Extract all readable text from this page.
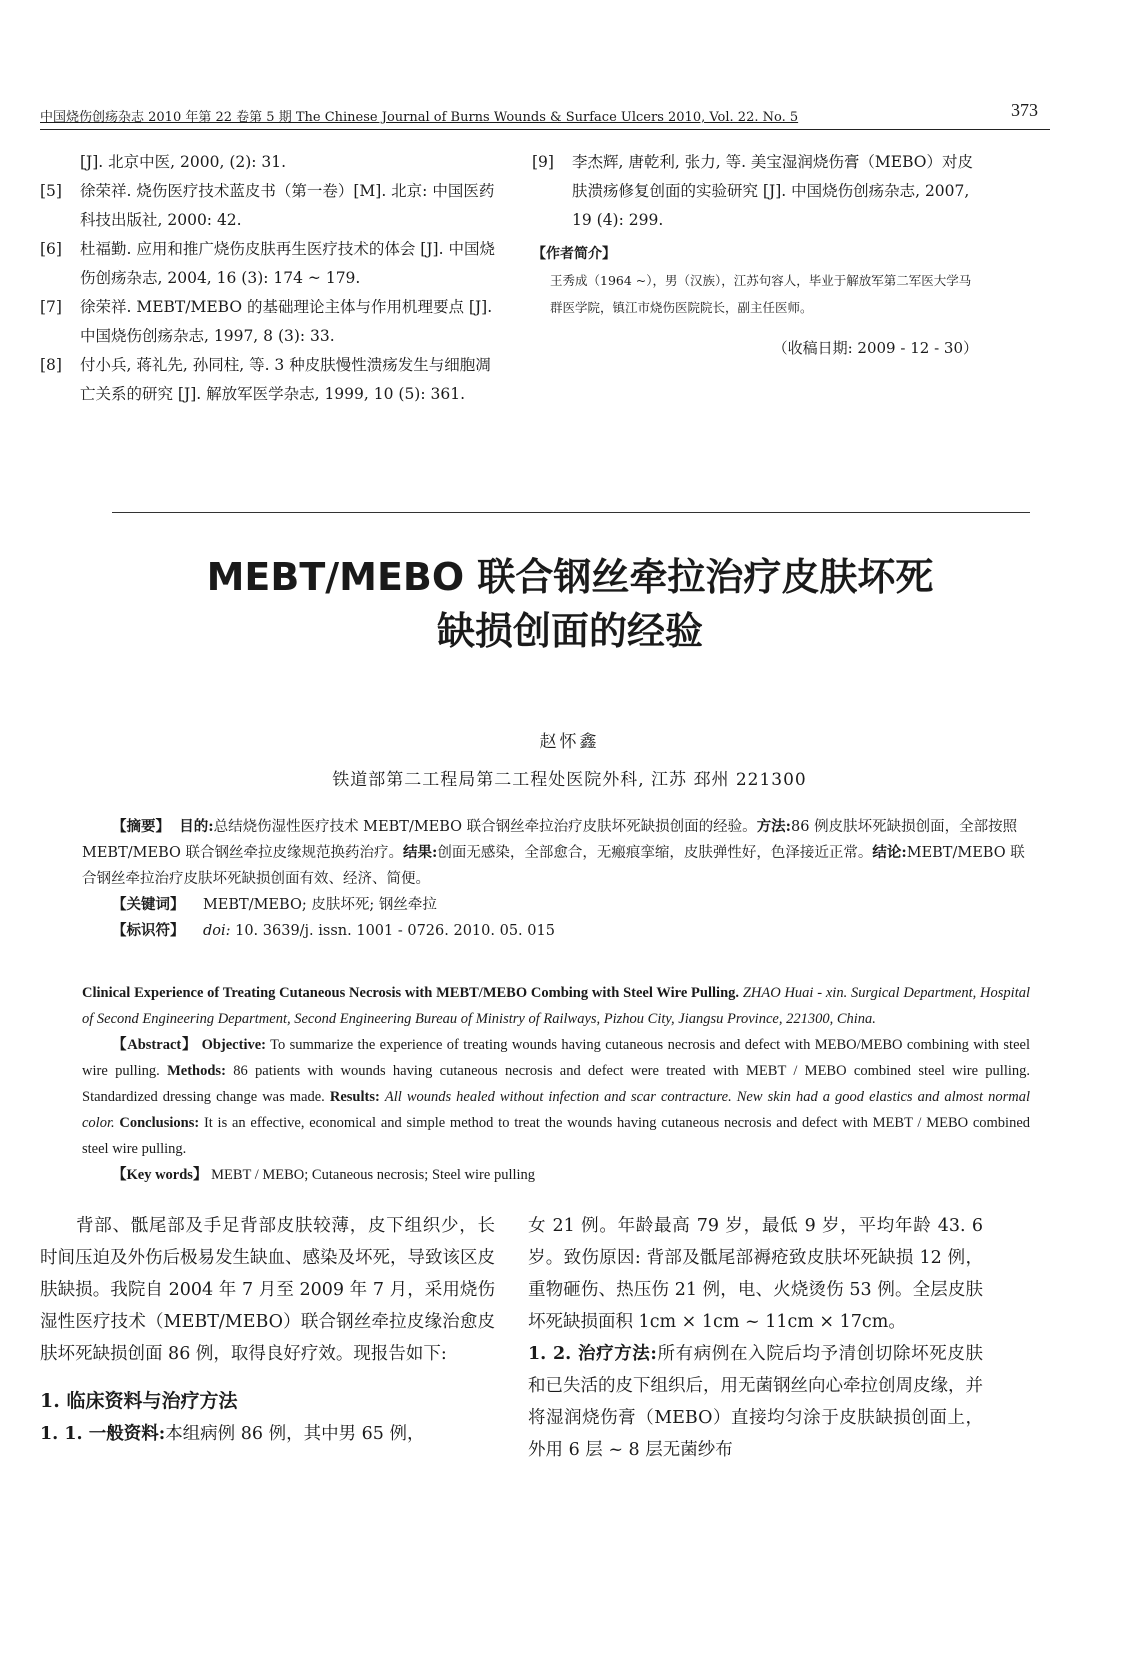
中国烧伤创疡杂志 2010 年第 22 卷第 5 期 The Chinese Journal of Burns Wounds & Surface Ulcers 2010, Vol. 22. No. 5	373
[J]. 北京中医, 2000, (2): 31.
[5] 徐荣祥. 烧伤医疗技术蓝皮书（第一卷）[M]. 北京: 中国医药科技出版社, 2000: 42.
[6] 杜福勤. 应用和推广烧伤皮肤再生医疗技术的体会 [J]. 中国烧伤创疡杂志, 2004, 16 (3): 174 ~ 179.
[7] 徐荣祥. MEBT/MEBO 的基础理论主体与作用机理要点 [J]. 中国烧伤创疡杂志, 1997, 8 (3): 33.
[8] 付小兵, 蒋礼先, 孙同柱, 等. 3 种皮肤慢性溃疡发生与细胞凋亡关系的研究 [J]. 解放军医学杂志, 1999, 10 (5): 361.
[9] 李杰辉, 唐乾利, 张力, 等. 美宝湿润烧伤膏（MEBO）对皮肤溃疡修复创面的实验研究 [J]. 中国烧伤创疡杂志, 2007, 19 (4): 299.
【作者简介】
王秀成（1964 ~），男（汉族），江苏句容人，毕业于解放军第二军医大学马群医学院，镇江市烧伤医院院长，副主任医师。
（收稿日期: 2009 - 12 - 30）
MEBT/MEBO 联合钢丝牵拉治疗皮肤坏死
缺损创面的经验
赵怀鑫
铁道部第二工程局第二工程处医院外科, 江苏 邳州 221300

【摘要】 目的:总结烧伤湿性医疗技术 MEBT/MEBO 联合钢丝牵拉治疗皮肤坏死缺损创面的经验。方法:86 例皮肤坏死缺损创面，全部按照 MEBT/MEBO 联合钢丝牵拉皮缘规范换药治疗。结果:创面无感染，全部愈合，无瘢痕挛缩，皮肤弹性好，色泽接近正常。结论:MEBT/MEBO 联合钢丝牵拉治疗皮肤坏死缺损创面有效、经济、简便。

【关键词】 MEBT/MEBO; 皮肤坏死; 钢丝牵拉

【标识符】 doi: 10. 3639/j. issn. 1001 - 0726. 2010. 05. 015

Clinical Experience of Treating Cutaneous Necrosis with MEBT/MEBO Combing with Steel Wire Pulling. ZHAO Huai - xin. Surgical Department, Hospital of Second Engineering Department, Second Engineering Bureau of Ministry of Railways, Pizhou City, Jiangsu Province, 221300, China.

【Abstract】 Objective: To summarize the experience of treating wounds having cutaneous necrosis and defect with MEBO/MEBO combining with steel wire pulling. Methods: 86 patients with wounds having cutaneous necrosis and defect were treated with MEBT / MEBO combined steel wire pulling. Standardized dressing change was made. Results: All wounds healed without infection and scar contracture. New skin had a good elastics and almost normal color. Conclusions: It is an effective, economical and simple method to treat the wounds having cutaneous necrosis and defect with MEBT / MEBO combined steel wire pulling.

【Key words】 MEBT / MEBO; Cutaneous necrosis; Steel wire pulling

背部、骶尾部及手足背部皮肤较薄，皮下组织少，长时间压迫及外伤后极易发生缺血、感染及坏死，导致该区皮肤缺损。我院自 2004 年 7 月至 2009 年 7 月，采用烧伤湿性医疗技术（MEBT/MEBO）联合钢丝牵拉皮缘治愈皮肤坏死缺损创面 86 例，取得良好疗效。现报告如下:

1. 临床资料与治疗方法

1. 1. 一般资料:本组病例 86 例，其中男 65 例，

女 21 例。年龄最高 79 岁，最低 9 岁，平均年龄 43. 6 岁。致伤原因: 背部及骶尾部褥疮致皮肤坏死缺损 12 例，重物砸伤、热压伤 21 例，电、火烧烫伤 53 例。全层皮肤坏死缺损面积 1cm × 1cm ~ 11cm × 17cm。

1. 2. 治疗方法:所有病例在入院后均予清创切除坏死皮肤和已失活的皮下组织后，用无菌钢丝向心牵拉创周皮缘，并将湿润烧伤膏（MEBO）直接均匀涂于皮肤缺损创面上，外用 6 层 ~ 8 层无菌纱布
